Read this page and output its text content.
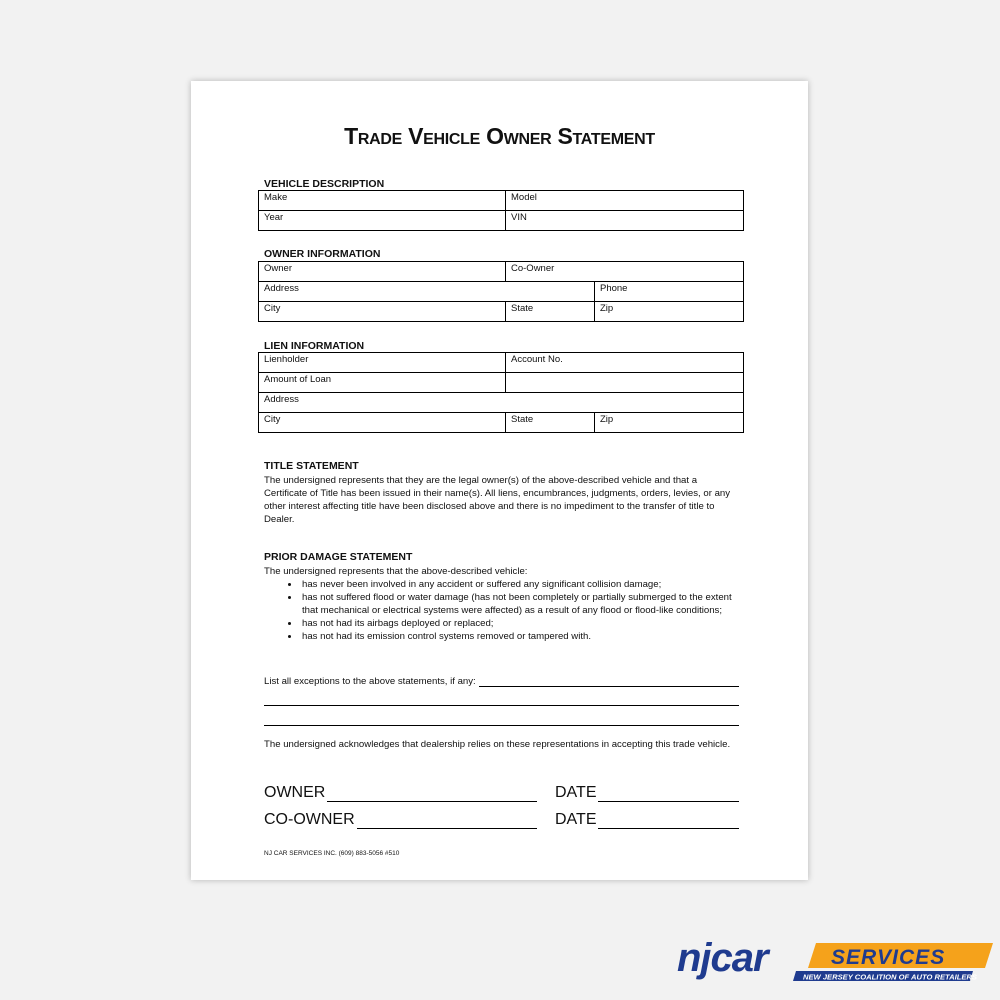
Trade Vehicle Owner Statement
VEHICLE DESCRIPTION
Make	Model
Year	VIN
OWNER INFORMATION
Owner	Co-Owner	
Address		Phone
City	State	Zip
LIEN INFORMATION
Lienholder	Account No.	
Amount of Loan		
Address		
City	State	Zip
TITLE STATEMENT

The undersigned represents that they are the legal owner(s) of the above-described vehicle and that a Certificate of Title has been issued in their name(s). All liens, encumbrances, judgments, orders, levies, or any other interest affecting title have been disclosed above and there is no impediment to the transfer of title to Dealer.

PRIOR DAMAGE STATEMENT

The undersigned represents that the above-described vehicle:

• has never been involved in any accident or suffered any significant collision damage;
• has not suffered flood or water damage (has not been completely or partially submerged to the extent that mechanical or electrical systems were affected) as a result of any flood or flood-like conditions;
• has not had its airbags deployed or replaced;
• has not had its emission control systems removed or tampered with.
List all exceptions to the above statements, if any:

The undersigned acknowledges that dealership relies on these representations in accepting this trade vehicle.

OWNER	DATE
CO-OWNER	DATE
NJ CAR SERVICES INC. (609) 883-5056 #510
njcar	SERVICES
NEW JERSEY COALITION OF AUTO RETAILERS
